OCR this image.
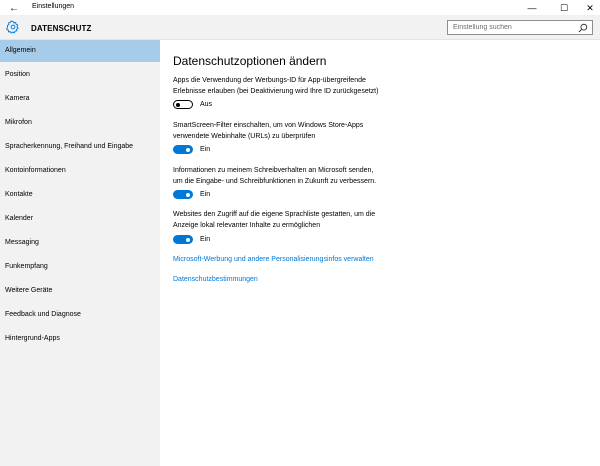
←	Einstellungen	—	☐	✕
DATENSCHUTZ
Einstellung suchen
Allgemein
Position
Kamera
Mikrofon
Spracherkennung, Freihand und Eingabe
Kontoinformationen
Kontakte
Kalender
Messaging
Funkempfang
Weitere Geräte
Feedback und Diagnose
Hintergrund-Apps
Datenschutzoptionen ändern
Apps die Verwendung der Werbungs-ID für App-übergreifende
Erlebnisse erlauben (bei Deaktivierung wird Ihre ID zurückgesetzt)
Aus
SmartScreen-Filter einschalten, um von Windows Store-Apps
verwendete Webinhalte (URLs) zu überprüfen
Ein
Informationen zu meinem Schreibverhalten an Microsoft senden,
um die Eingabe- und Schreibfunktionen in Zukunft zu verbessern.
Ein
Websites den Zugriff auf die eigene Sprachliste gestatten, um die
Anzeige lokal relevanter Inhalte zu ermöglichen
Ein
Microsoft-Werbung und andere Personalisierungsinfos verwalten
Datenschutzbestimmungen
